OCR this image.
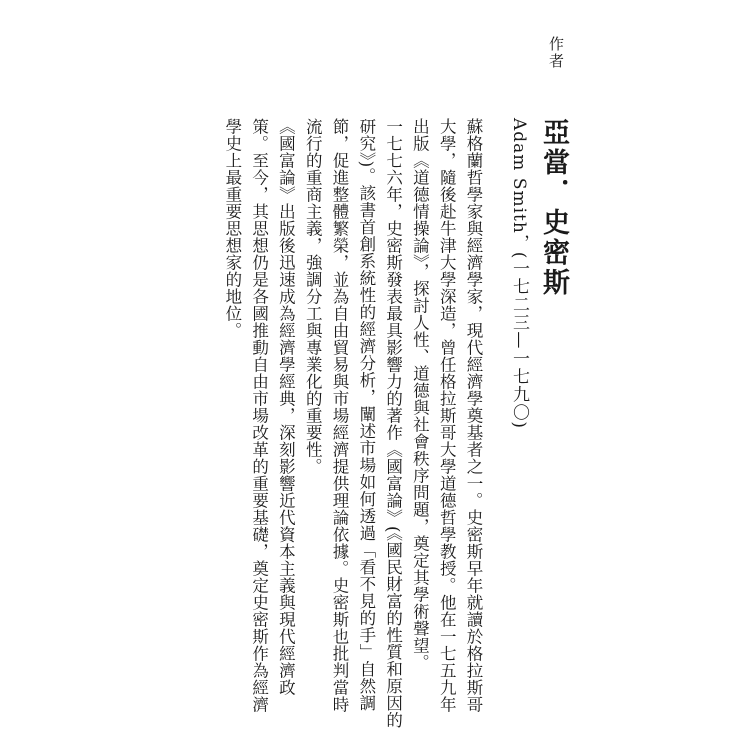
作者
亞當．史密斯
Adam Smith，(一七二三—一七九〇)

蘇格蘭哲學家與經濟學家，現代經濟學奠基者之一。史密斯早年就讀於格拉斯哥
大學，隨後赴牛津大學深造，曾任格拉斯哥大學道德哲學教授。他在一七五九年
出版《道德情操論》，探討人性、道德與社會秩序問題，奠定其學術聲望。

一七七六年，史密斯發表最具影響力的著作《國富論》(《國民財富的性質和原因的
研究》)。該書首創系統性的經濟分析，闡述市場如何透過「看不見的手」自然調
節，促進整體繁榮，並為自由貿易與市場經濟提供理論依據。史密斯也批判當時
流行的重商主義，強調分工與專業化的重要性。

《國富論》出版後迅速成為經濟學經典，深刻影響近代資本主義與現代經濟政
策。至今，其思想仍是各國推動自由市場改革的重要基礎，奠定史密斯作為經濟
學史上最重要思想家的地位。
